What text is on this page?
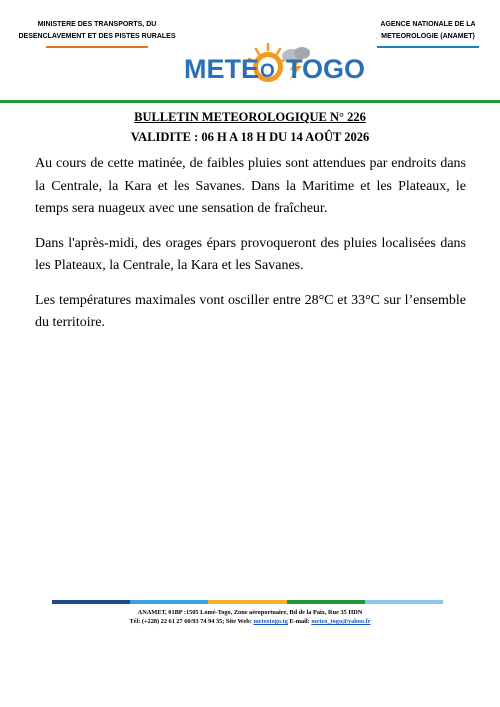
MINISTERE DES TRANSPORTS, DU
DESENCLAVEMENT ET DES PISTES RURALES
AGENCE NATIONALE DE LA
METEOROLOGIE (ANAMET)
METE O TOGO
BULLETIN METEOROLOGIQUE N° 226
VALIDITE : 06 H A 18 H DU 14 AOÛT 2026

Au cours de cette matinée, de faibles pluies sont attendues par endroits dans la Centrale, la Kara et les Savanes. Dans la Maritime et les Plateaux, le temps sera nuageux avec une sensation de fraîcheur.

Dans l'après-midi, des orages épars provoqueront des pluies localisées dans les Plateaux, la Centrale, la Kara et les Savanes.

Les températures maximales vont osciller entre 28°C et 33°C sur l’ensemble du territoire.

ANAMET, 01BP :1505 Lomé-Togo, Zone aéroportuaire, Bd de la Paix, Rue 35 HDN
Tél: (+228) 22 61 27 60/93 74 94 35; Site Web: meteotogo.tg E-mail: meteo_togo@yahoo.fr
